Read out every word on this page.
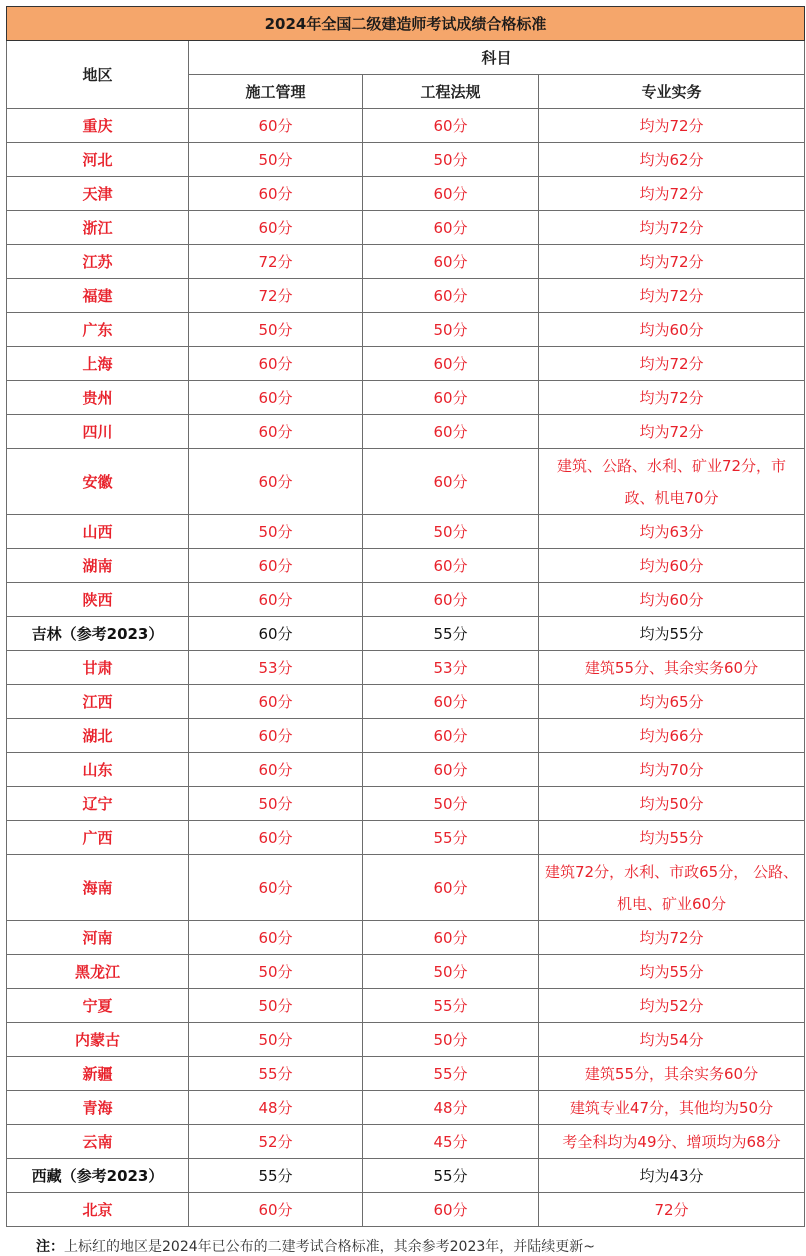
2024年全国二级建造师考试成绩合格标准			
地区	科目		
	施工管理	工程法规	专业实务
重庆	60分	60分	均为72分
河北	50分	50分	均为62分
天津	60分	60分	均为72分
浙江	60分	60分	均为72分
江苏	72分	60分	均为72分
福建	72分	60分	均为72分
广东	50分	50分	均为60分
上海	60分	60分	均为72分
贵州	60分	60分	均为72分
四川	60分	60分	均为72分
安徽	60分	60分	建筑、公路、水利、矿业72分，市政、机电70分
山西	50分	50分	均为63分
湖南	60分	60分	均为60分
陕西	60分	60分	均为60分
吉林（参考2023）	60分	55分	均为55分
甘肃	53分	53分	建筑55分、其余实务60分
江西	60分	60分	均为65分
湖北	60分	60分	均为66分
山东	60分	60分	均为70分
辽宁	50分	50分	均为50分
广西	60分	55分	均为55分
海南	60分	60分	建筑72分，水利、市政65分， 公路、机电、矿业60分
河南	60分	60分	均为72分
黑龙江	50分	50分	均为55分
宁夏	50分	55分	均为52分
内蒙古	50分	50分	均为54分
新疆	55分	55分	建筑55分，其余实务60分
青海	48分	48分	建筑专业47分，其他均为50分
云南	52分	45分	考全科均为49分、增项均为68分
西藏（参考2023）	55分	55分	均为43分
北京	60分	60分	72分
注：上标红的地区是2024年已公布的二建考试合格标准，其余参考2023年，并陆续更新~
